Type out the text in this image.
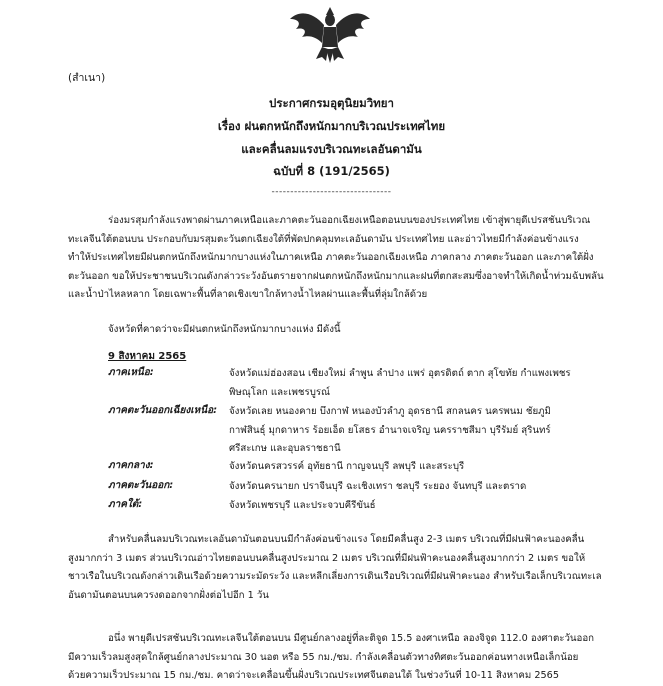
(สำเนา)
ประกาศกรมอุตุนิยมวิทยา
เรื่อง ฝนตกหนักถึงหนักมากบริเวณประเทศไทย
และคลื่นลมแรงบริเวณทะเลอันดามัน
ฉบับที่ 8 (191/2565)
--------------------------------
ร่องมรสุมกำลังแรงพาดผ่านภาคเหนือและภาคตะวันออกเฉียงเหนือตอนบนของประเทศไทย เข้าสู่พายุดีเปรสชันบริเวณ
ทะเลจีนใต้ตอนบน ประกอบกับมรสุมตะวันตกเฉียงใต้ที่พัดปกคลุมทะเลอันดามัน ประเทศไทย และอ่าวไทยมีกำลังค่อนข้างแรง
ทำให้ประเทศไทยมีฝนตกหนักถึงหนักมากบางแห่งในภาคเหนือ ภาคตะวันออกเฉียงเหนือ ภาคกลาง ภาคตะวันออก และภาคใต้ฝั่ง
ตะวันออก ขอให้ประชาชนบริเวณดังกล่าวระวังอันตรายจากฝนตกหนักถึงหนักมากและฝนที่ตกสะสมซึ่งอาจทำให้เกิดน้ำท่วมฉับพลัน
และน้ำป่าไหลหลาก โดยเฉพาะพื้นที่ลาดเชิงเขาใกล้ทางน้ำไหลผ่านและพื้นที่ลุ่มใกล้ด้วย
จังหวัดที่คาดว่าจะมีฝนตกหนักถึงหนักมากบางแห่ง มีดังนี้
9 สิงหาคม 2565
ภาคเหนือ:	จังหวัดแม่ฮ่องสอน เชียงใหม่ ลำพูน ลำปาง แพร่ อุตรดิตถ์ ตาก สุโขทัย กำแพงเพชร
พิษณุโลก และเพชรบูรณ์
ภาคตะวันออกเฉียงเหนือ: จังหวัดเลย หนองคาย บึงกาฬ หนองบัวลำภู อุดรธานี สกลนคร นครพนม ชัยภูมิ
กาฬสินธุ์ มุกดาหาร ร้อยเอ็ด ยโสธร อำนาจเจริญ นครราชสีมา บุรีรัมย์ สุรินทร์
ศรีสะเกษ และอุบลราชธานี
ภาคกลาง:	จังหวัดนครสวรรค์ อุทัยธานี กาญจนบุรี ลพบุรี และสระบุรี
ภาคตะวันออก:	จังหวัดนครนายก ปราจีนบุรี ฉะเชิงเทรา ชลบุรี ระยอง จันทบุรี และตราด
ภาคใต้:	จังหวัดเพชรบุรี และประจวบคีรีขันธ์
สำหรับคลื่นลมบริเวณทะเลอันดามันตอนบนมีกำลังค่อนข้างแรง โดยมีคลื่นสูง 2-3 เมตร บริเวณที่มีฝนฟ้าคะนองคลื่น
สูงมากกว่า 3 เมตร ส่วนบริเวณอ่าวไทยตอนบนคลื่นสูงประมาณ 2 เมตร บริเวณที่มีฝนฟ้าคะนองคลื่นสูงมากกว่า 2 เมตร ขอให้
ชาวเรือในบริเวณดังกล่าวเดินเรือด้วยความระมัดระวัง และหลีกเลี่ยงการเดินเรือบริเวณที่มีฝนฟ้าคะนอง สำหรับเรือเล็กบริเวณทะเล
อันดามันตอนบนควรงดออกจากฝั่งต่อไปอีก 1 วัน
อนึ่ง พายุดีเปรสชันบริเวณทะเลจีนใต้ตอนบน มีศูนย์กลางอยู่ที่ละติจูด 15.5 องศาเหนือ ลองจิจูด 112.0 องศาตะวันออก
มีความเร็วลมสูงสุดใกล้ศูนย์กลางประมาณ 30 นอต หรือ 55 กม./ชม. กำลังเคลื่อนตัวทางทิศตะวันออกค่อนทางเหนือเล็กน้อย
ด้วยความเร็วประมาณ 15 กม./ชม. คาดว่าจะเคลื่อนขึ้นฝั่งบริเวณประเทศจีนตอนใต้ ในช่วงวันที่ 10-11 สิงหาคม 2565
